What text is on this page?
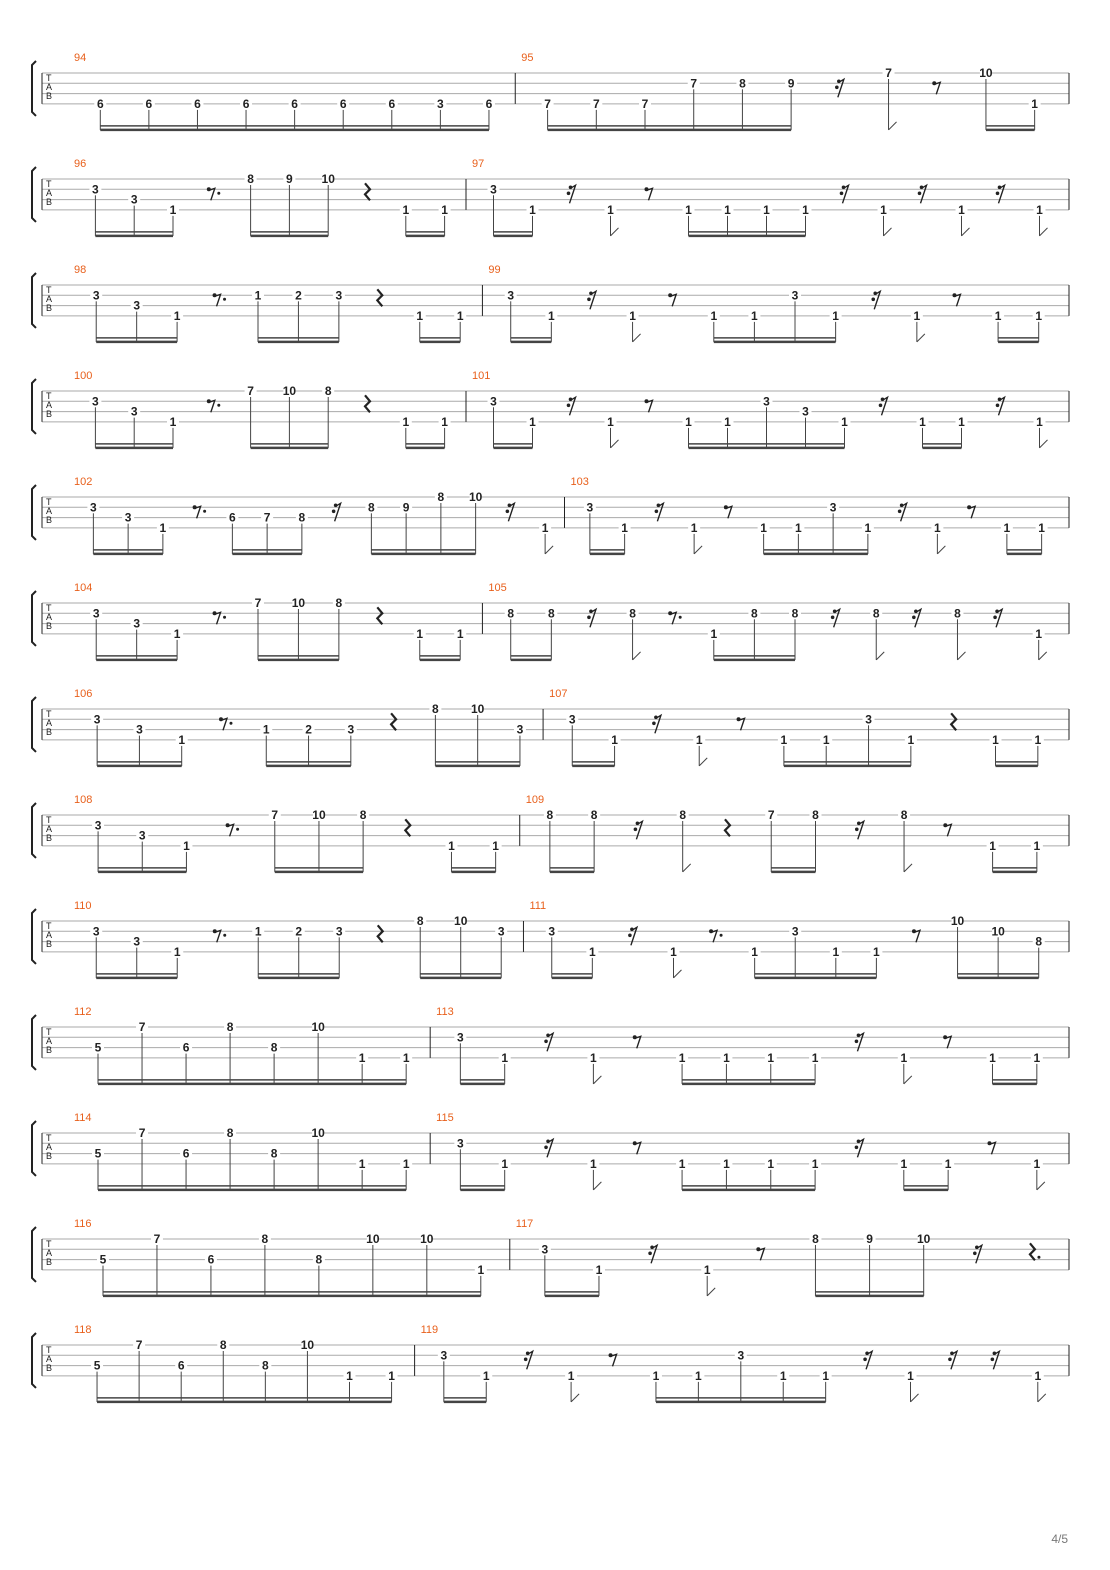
T
A
B
94
6	6	6	6	6	6	6	3	6
95
7	7	7
7	8	9
7	10
1
T
A
B
96
3
3
1
8	9 10
1	1
97
3
1	1	1	1	1	1	1	1	1
T
A
B
98
3
3
1
1	2	3
1	1
99
3
1	1	1	1
3
1	1	1	1
T
A
B
100
3
3
1
7 10 8
1	1
101
3
1	1	1	1
3
3
1	1	1	1
T
A
B
102
3
3
1
6 7 8
8 9
8 10
1
103
3
1	1	1 1
3
1	1	1 1
T
A
B
104
3
3
1
7	10	8
1	1
105
8	8	8
1
8	8	8	8
1
T
A
B
106
3
3
1
1	2	3
8	10
3
107
3
1	1	1	1
3
1	1	1
T
A
B
108
3
3
1
7	10	8
1	1
109
8	8	8	7	8	8
1	1
T
A
B
110
3
3
1
1	2	3
8	10
3
111
3
1	1	1
3
1	1
10
10
8
T
A
B
112
5
7
6
8
8
10
1	1
113
3
1	1	1	1	1	1	1	1	1
T
A
B
114
5
7
6
8
8
10
1	1
115
3
1	1	1	1	1	1	1	1	1
T
A
B
116
5
7
6
8
8
10	10
1
117
3
1	1
8	9	10
T
A
B
118
5
7
6
8
8
10
1	1
119
3
1	1	1	1
3
1	1	1	1
4/5
